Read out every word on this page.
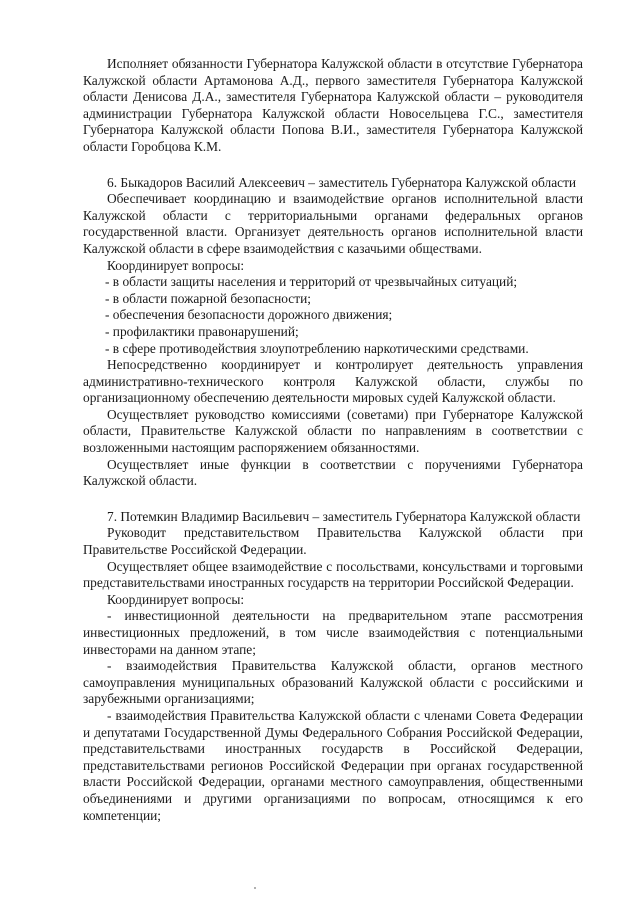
Исполняет обязанности Губернатора Калужской области в отсутствие Губернатора Калужской области Артамонова А.Д., первого заместителя Губернатора Калужской области Денисова Д.А., заместителя Губернатора Калужской области – руководителя администрации Губернатора Калужской области Новосельцева Г.С., заместителя Губернатора Калужской области Попова В.И., заместителя Губернатора Калужской области Горобцова К.М.

6. Быкадоров Василий Алексеевич – заместитель Губернатора Калужской области

Обеспечивает координацию и взаимодействие органов исполнительной власти Калужской области с территориальными органами федеральных органов государственной власти. Организует деятельность органов исполнительной власти Калужской области в сфере взаимодействия с казачьими обществами.

Координирует вопросы:

- в области защиты населения и территорий от чрезвычайных ситуаций;

- в области пожарной безопасности;

- обеспечения безопасности дорожного движения;

- профилактики правонарушений;

- в сфере противодействия злоупотреблению наркотическими средствами.

Непосредственно координирует и контролирует деятельность управления административно-технического контроля Калужской области, службы по организационному обеспечению деятельности мировых судей Калужской области.

Осуществляет руководство комиссиями (советами) при Губернаторе Калужской области, Правительстве Калужской области по направлениям в соответствии с возложенными настоящим распоряжением обязанностями.

Осуществляет иные функции в соответствии с поручениями Губернатора Калужской области.

7. Потемкин Владимир Васильевич – заместитель Губернатора Калужской области

Руководит представительством Правительства Калужской области при Правительстве Российской Федерации.

Осуществляет общее взаимодействие с посольствами, консульствами и торговыми представительствами иностранных государств на территории Российской Федерации.

Координирует вопросы:

- инвестиционной деятельности на предварительном этапе рассмотрения инвестиционных предложений, в том числе взаимодействия с потенциальными инвесторами на данном этапе;

- взаимодействия Правительства Калужской области, органов местного самоуправления муниципальных образований Калужской области с российскими и зарубежными организациями;

- взаимодействия Правительства Калужской области с членами Совета Федерации и депутатами Государственной Думы Федерального Собрания Российской Федерации, представительствами иностранных государств в Российской Федерации, представительствами регионов Российской Федерации при органах государственной власти Российской Федерации, органами местного самоуправления, общественными объединениями и другими организациями по вопросам, относящимся к его компетенции;
